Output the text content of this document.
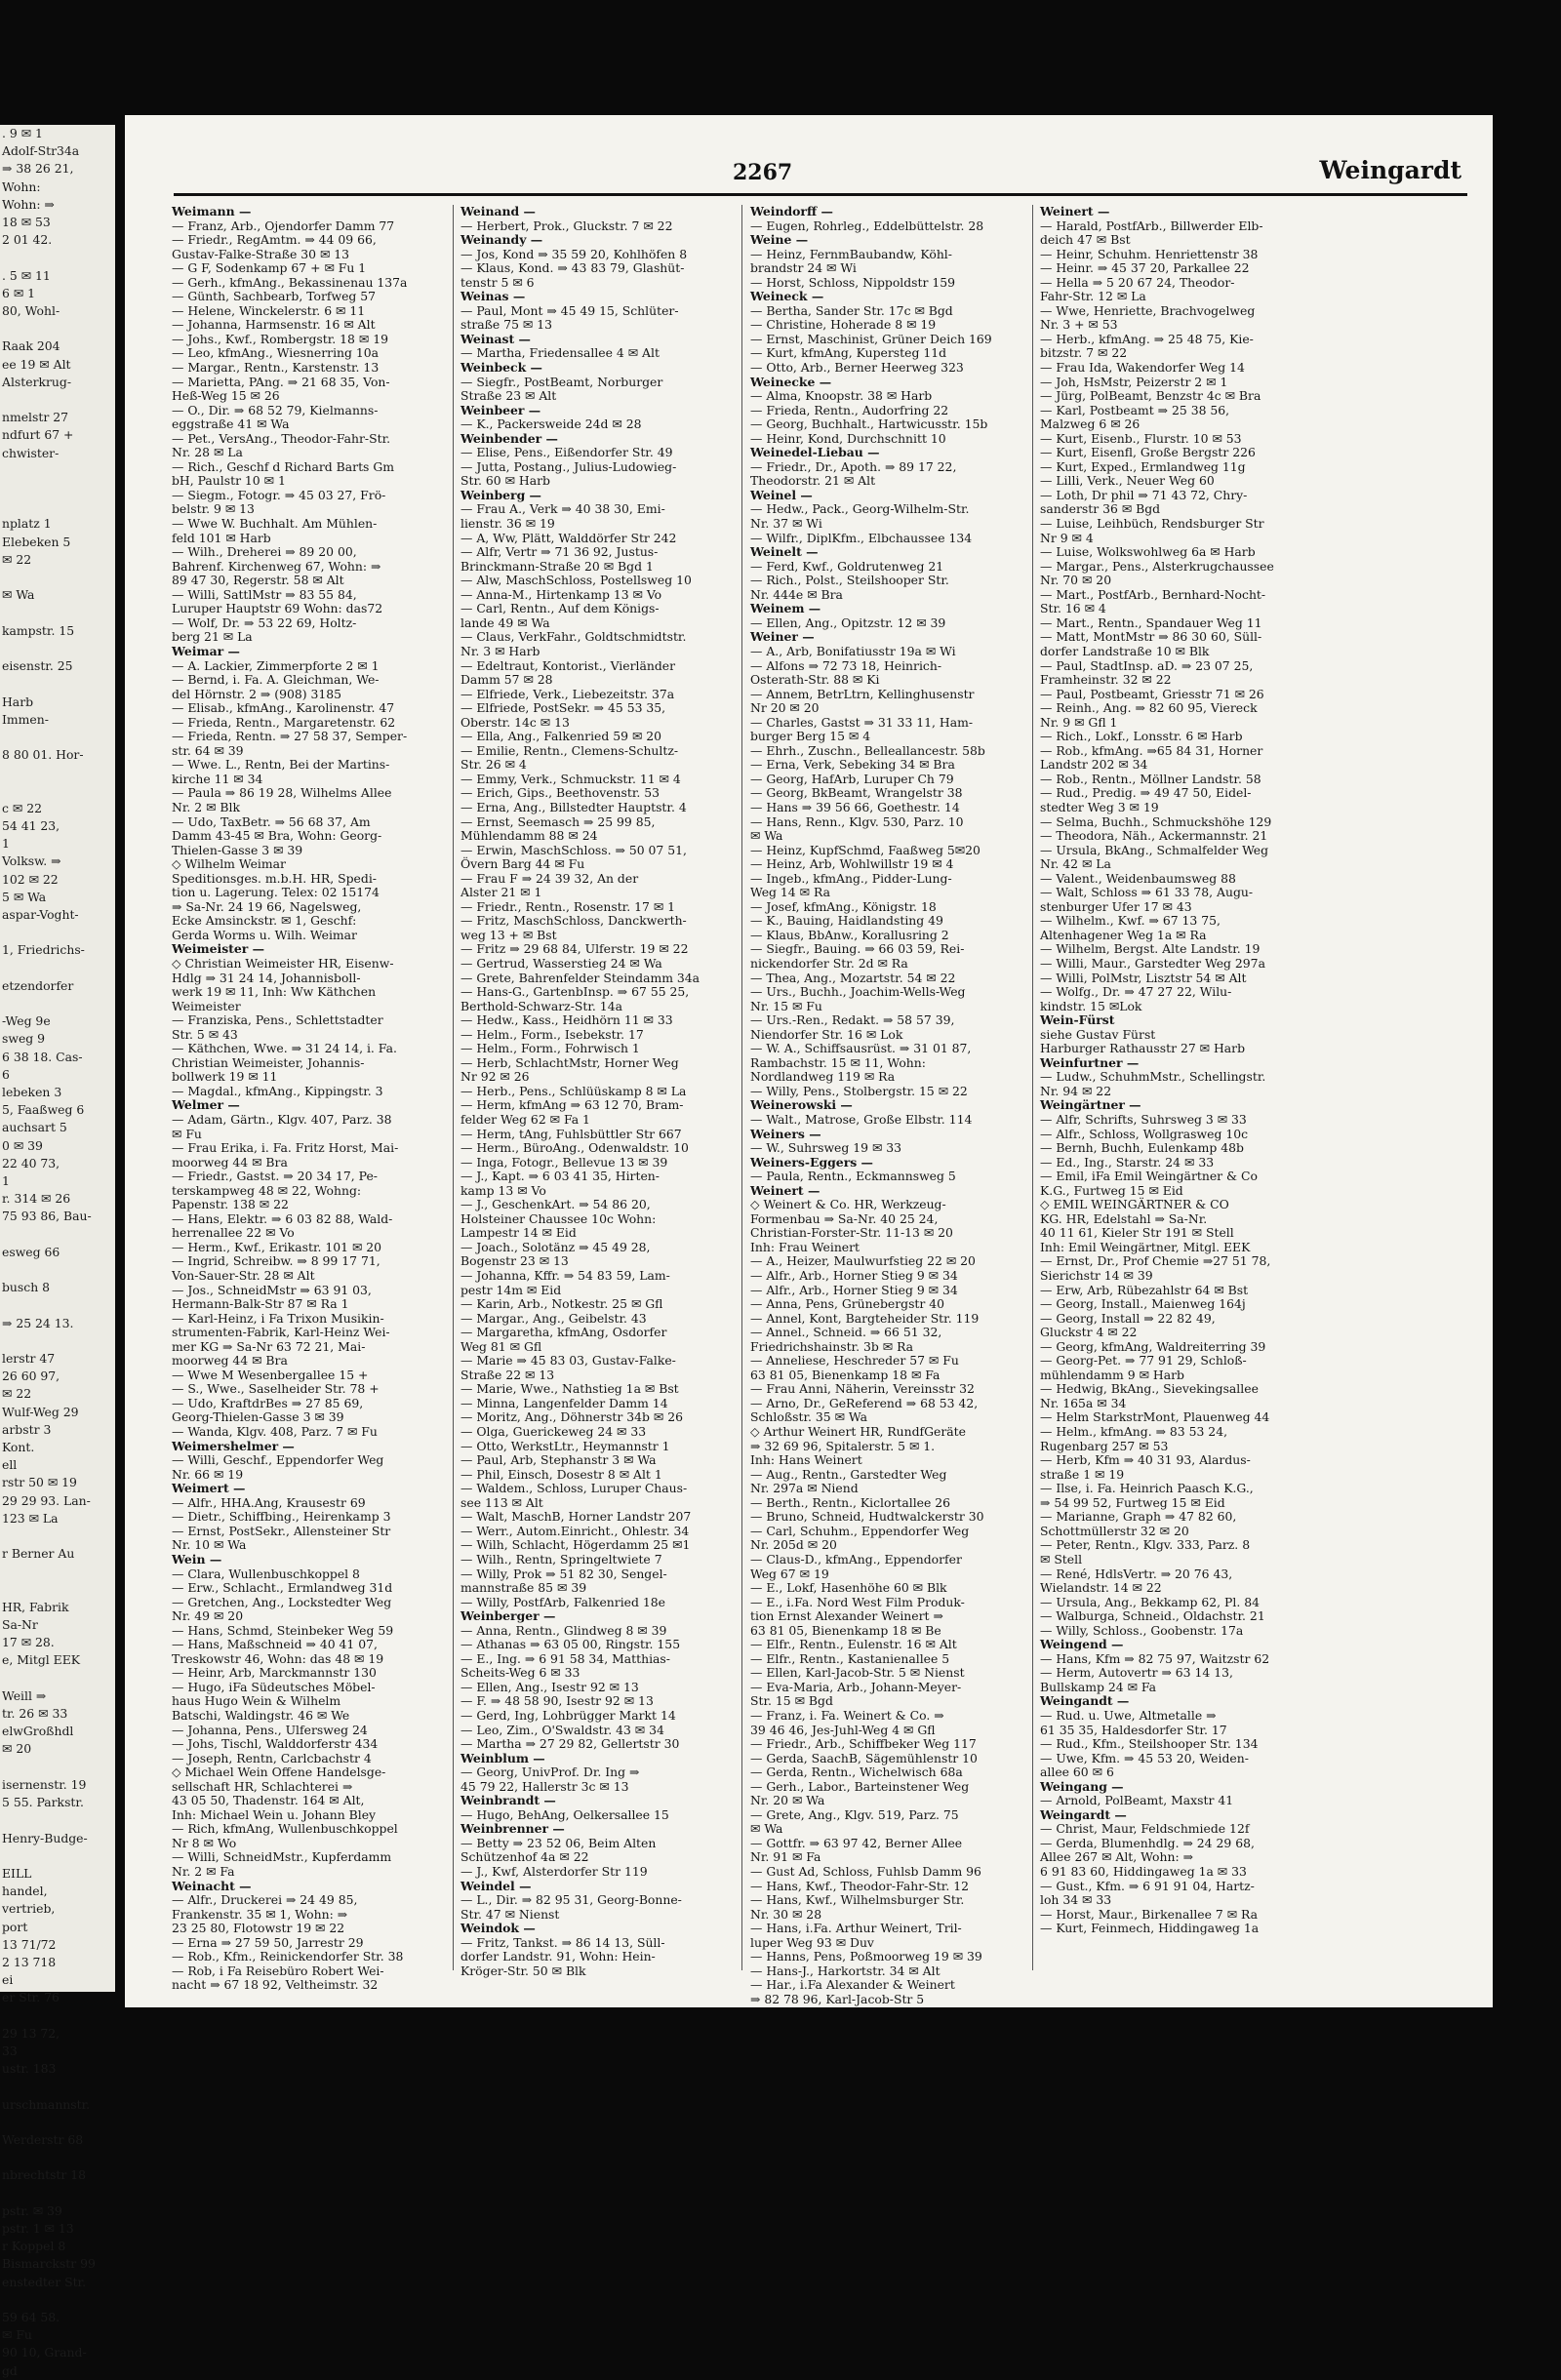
. 9 ✉ 1
Adolf-Str34a
⇒ 38 26 21,
Wohn:
Wohn: ⇒
18 ✉ 53
2 01 42.

. 5 ✉ 11
6 ✉ 1
80, Wohl-

Raak 204
ee 19 ✉ Alt
Alsterkrug-

nmelstr 27
ndfurt 67 +
chwister-

nplatz 1
Elebeken 5
✉ 22

✉ Wa

kampstr. 15

eisenstr. 25

Harb
Immen-

8 80 01. Hor-

c ✉ 22
54 41 23,
1
Volksw. ⇒
102 ✉ 22
5 ✉ Wa
aspar-Voght-

1, Friedrichs-

etzendorfer

-Weg 9e
sweg 9
6 38 18. Cas-
6
lebeken 3
5, Faaßweg 6
auchsart 5
0 ✉ 39
22 40 73,
1
r. 314 ✉ 26
75 93 86, Bau-

esweg 66

busch 8

⇒ 25 24 13.

lerstr 47
26 60 97,
✉ 22
Wulf-Weg 29
arbstr 3
Kont.
ell
rstr 50 ✉ 19
29 29 93. Lan-
123 ✉ La

r Berner Au

HR, Fabrik
Sa-Nr
17 ✉ 28.
e, Mitgl EEK

Weill ⇒
tr. 26 ✉ 33
elwGroßhdl
✉ 20

isernenstr. 19
5 55. Parkstr.

Henry-Budge-

EILL
handel,
vertrieb,
port
13 71/72
2 13 718
ei
er Str. 76

29 13 72,
33
ustr. 183

urschmannstr.

Werderstr 68

nbrechtstr 18

pstr. ✉ 39
pstr. 1 ✉ 13
r Koppel 8
Bismarckstr 99
enstedter Str.

59 64 58.
✉ Fu
90 10, Grand-
gd
2267	Weingardt
Weimann —
— Franz, Arb., Ojendorfer Damm 77
— Friedr., RegAmtm. ⇒ 44 09 66,
Gustav-Falke-Straße 30 ✉ 13
— G F, Sodenkamp 67 + ✉ Fu 1
— Gerh., kfmAng., Bekassinenau 137a
— Günth, Sachbearb, Torfweg 57
— Helene, Winckelerstr. 6 ✉ 11
— Johanna, Harmsenstr. 16 ✉ Alt
— Johs., Kwf., Rombergstr. 18 ✉ 19
— Leo, kfmAng., Wiesnerring 10a
— Margar., Rentn., Karstenstr. 13
— Marietta, PAng. ⇒ 21 68 35, Von-
Heß-Weg 15 ✉ 26
— O., Dir. ⇒ 68 52 79, Kielmanns-
eggstraße 41 ✉ Wa
— Pet., VersAng., Theodor-Fahr-Str.
Nr. 28 ✉ La
— Rich., Geschf d Richard Barts Gm
bH, Paulstr 10 ✉ 1
— Siegm., Fotogr. ⇒ 45 03 27, Frö-
belstr. 9 ✉ 13
— Wwe W. Buchhalt. Am Mühlen-
feld 101 ✉ Harb
— Wilh., Dreherei ⇒ 89 20 00,
Bahrenf. Kirchenweg 67, Wohn: ⇒
89 47 30, Regerstr. 58 ✉ Alt
— Willi, SattlMstr ⇒ 83 55 84,
Luruper Hauptstr 69 Wohn: das72
— Wolf, Dr. ⇒ 53 22 69, Holtz-
berg 21 ✉ La
Weimar —
— A. Lackier, Zimmerpforte 2 ✉ 1
— Bernd, i. Fa. A. Gleichman, We-
del Hörnstr. 2 ⇒ (908) 3185
— Elisab., kfmAng., Karolinenstr. 47
— Frieda, Rentn., Margaretenstr. 62
— Frieda, Rentn. ⇒ 27 58 37, Semper-
str. 64 ✉ 39
— Wwe. L., Rentn, Bei der Martins-
kirche 11 ✉ 34
— Paula ⇒ 86 19 28, Wilhelms Allee
Nr. 2 ✉ Blk
— Udo, TaxBetr. ⇒ 56 68 37, Am
Damm 43-45 ✉ Bra, Wohn: Georg-
Thielen-Gasse 3 ✉ 39
◇ Wilhelm Weimar
Speditionsges. m.b.H. HR, Spedi-
tion u. Lagerung. Telex: 02 15174
⇒ Sa-Nr. 24 19 66, Nagelsweg,
Ecke Amsinckstr. ✉ 1, Geschf:
Gerda Worms u. Wilh. Weimar
Weimeister —
◇ Christian Weimeister HR, Eisenw-
Hdlg ⇒ 31 24 14, Johannisboll-
werk 19 ✉ 11, Inh: Ww Käthchen
Weimeister
— Franziska, Pens., Schlettstadter
Str. 5 ✉ 43
— Käthchen, Wwe. ⇒ 31 24 14, i. Fa.
Christian Weimeister, Johannis-
bollwerk 19 ✉ 11
— Magdal., kfmAng., Kippingstr. 3
Welmer —
— Adam, Gärtn., Klgv. 407, Parz. 38
✉ Fu
— Frau Erika, i. Fa. Fritz Horst, Mai-
moorweg 44 ✉ Bra
— Friedr., Gastst. ⇒ 20 34 17, Pe-
terskampweg 48 ✉ 22, Wohng:
Papenstr. 138 ✉ 22
— Hans, Elektr. ⇒ 6 03 82 88, Wald-
herrenallee 22 ✉ Vo
— Herm., Kwf., Erikastr. 101 ✉ 20
— Ingrid, Schreibw. ⇒ 8 99 17 71,
Von-Sauer-Str. 28 ✉ Alt
— Jos., SchneidMstr ⇒ 63 91 03,
Hermann-Balk-Str 87 ✉ Ra 1
— Karl-Heinz, i Fa Trixon Musikin-
strumenten-Fabrik, Karl-Heinz Wei-
mer KG ⇒ Sa-Nr 63 72 21, Mai-
moorweg 44 ✉ Bra
— Wwe M Wesenbergallee 15 +
— S., Wwe., Saselheider Str. 78 +
— Udo, KraftdrBes ⇒ 27 85 69,
Georg-Thielen-Gasse 3 ✉ 39
— Wanda, Klgv. 408, Parz. 7 ✉ Fu
Weimershelmer —
— Willi, Geschf., Eppendorfer Weg
Nr. 66 ✉ 19
Weimert —
— Alfr., HHA.Ang, Krausestr 69
— Dietr., Schiffbing., Heirenkamp 3
— Ernst, PostSekr., Allensteiner Str
Nr. 10 ✉ Wa
Wein —
— Clara, Wullenbuschkoppel 8
— Erw., Schlacht., Ermlandweg 31d
— Gretchen, Ang., Lockstedter Weg
Nr. 49 ✉ 20
— Hans, Schmd, Steinbeker Weg 59
— Hans, Maßschneid ⇒ 40 41 07,
Treskowstr 46, Wohn: das 48 ✉ 19
— Heinr, Arb, Marckmannstr 130
— Hugo, iFa Südeutsches Möbel-
haus Hugo Wein & Wilhelm
Batschi, Waldingstr. 46 ✉ We
— Johanna, Pens., Ulfersweg 24
— Johs, Tischl, Walddorferstr 434
— Joseph, Rentn, Carlcbachstr 4
◇ Michael Wein Offene Handelsge-
sellschaft HR, Schlachterei ⇒
43 05 50, Thadenstr. 164 ✉ Alt,
Inh: Michael Wein u. Johann Bley
— Rich, kfmAng, Wullenbuschkoppel
Nr 8 ✉ Wo
— Willi, SchneidMstr., Kupferdamm
Nr. 2 ✉ Fa
Weinacht —
— Alfr., Druckerei ⇒ 24 49 85,
Frankenstr. 35 ✉ 1, Wohn: ⇒
23 25 80, Flotowstr 19 ✉ 22
— Erna ⇒ 27 59 50, Jarrestr 29
— Rob., Kfm., Reinickendorfer Str. 38
— Rob, i Fa Reisebüro Robert Wei-
nacht ⇒ 67 18 92, Veltheimstr. 32
Weinand —
— Herbert, Prok., Gluckstr. 7 ✉ 22
Weinandy —
— Jos, Kond ⇒ 35 59 20, Kohlhöfen 8
— Klaus, Kond. ⇒ 43 83 79, Glashüt-
tenstr 5 ✉ 6
Weinas —
— Paul, Mont ⇒ 45 49 15, Schlüter-
straße 75 ✉ 13
Weinast —
— Martha, Friedensallee 4 ✉ Alt
Weinbeck —
— Siegfr., PostBeamt, Norburger
Straße 23 ✉ Alt
Weinbeer —
— K., Packersweide 24d ✉ 28
Weinbender —
— Elise, Pens., Eißendorfer Str. 49
— Jutta, Postang., Julius-Ludowieg-
Str. 60 ✉ Harb
Weinberg —
— Frau A., Verk ⇒ 40 38 30, Emi-
lienstr. 36 ✉ 19
— A, Ww, Plätt, Walddörfer Str 242
— Alfr, Vertr ⇒ 71 36 92, Justus-
Brinckmann-Straße 20 ✉ Bgd 1
— Alw, MaschSchloss, Postellsweg 10
— Anna-M., Hirtenkamp 13 ✉ Vo
— Carl, Rentn., Auf dem Königs-
lande 49 ✉ Wa
— Claus, VerkFahr., Goldtschmidtstr.
Nr. 3 ✉ Harb
— Edeltraut, Kontorist., Vierländer
Damm 57 ✉ 28
— Elfriede, Verk., Liebezeitstr. 37a
— Elfriede, PostSekr. ⇒ 45 53 35,
Oberstr. 14c ✉ 13
— Ella, Ang., Falkenried 59 ✉ 20
— Emilie, Rentn., Clemens-Schultz-
Str. 26 ✉ 4
— Emmy, Verk., Schmuckstr. 11 ✉ 4
— Erich, Gips., Beethovenstr. 53
— Erna, Ang., Billstedter Hauptstr. 4
— Ernst, Seemasch ⇒ 25 99 85,
Mühlendamm 88 ✉ 24
— Erwin, MaschSchloss. ⇒ 50 07 51,
Övern Barg 44 ✉ Fu
— Frau F ⇒ 24 39 32, An der
Alster 21 ✉ 1
— Friedr., Rentn., Rosenstr. 17 ✉ 1
— Fritz, MaschSchloss, Danckwerth-
weg 13 + ✉ Bst
— Fritz ⇒ 29 68 84, Ulferstr. 19 ✉ 22
— Gertrud, Wasserstieg 24 ✉ Wa
— Grete, Bahrenfelder Steindamm 34a
— Hans-G., GartenbInsp. ⇒ 67 55 25,
Berthold-Schwarz-Str. 14a
— Hedw., Kass., Heidhörn 11 ✉ 33
— Helm., Form., Isebekstr. 17
— Helm., Form., Fohrwisch 1
— Herb, SchlachtMstr, Horner Weg
Nr 92 ✉ 26
— Herb., Pens., Schlüüskamp 8 ✉ La
— Herm, kfmAng ⇒ 63 12 70, Bram-
felder Weg 62 ✉ Fa 1
— Herm, tAng, Fuhlsbüttler Str 667
— Herm., BüroAng., Odenwaldstr. 10
— Inga, Fotogr., Bellevue 13 ✉ 39
— J., Kapt. ⇒ 6 03 41 35, Hirten-
kamp 13 ✉ Vo
— J., GeschenkArt. ⇒ 54 86 20,
Holsteiner Chaussee 10c Wohn:
Lampestr 14 ✉ Eid
— Joach., Solotänz ⇒ 45 49 28,
Bogenstr 23 ✉ 13
— Johanna, Kffr. ⇒ 54 83 59, Lam-
pestr 14m ✉ Eid
— Karin, Arb., Notkestr. 25 ✉ Gfl
— Margar., Ang., Geibelstr. 43
— Margaretha, kfmAng, Osdorfer
Weg 81 ✉ Gfl
— Marie ⇒ 45 83 03, Gustav-Falke-
Straße 22 ✉ 13
— Marie, Wwe., Nathstieg 1a ✉ Bst
— Minna, Langenfelder Damm 14
— Moritz, Ang., Döhnerstr 34b ✉ 26
— Olga, Guerickeweg 24 ✉ 33
— Otto, WerkstLtr., Heymannstr 1
— Paul, Arb, Stephanstr 3 ✉ Wa
— Phil, Einsch, Dosestr 8 ✉ Alt 1
— Waldem., Schloss, Luruper Chaus-
see 113 ✉ Alt
— Walt, MaschB, Horner Landstr 207
— Werr., Autom.Einricht., Ohlestr. 34
— Wilh, Schlacht, Högerdamm 25 ✉1
— Wilh., Rentn, Springeltwiete 7
— Willy, Prok ⇒ 51 82 30, Sengel-
mannstraße 85 ✉ 39
— Willy, PostfArb, Falkenried 18e
Weinberger —
— Anna, Rentn., Glindweg 8 ✉ 39
— Athanas ⇒ 63 05 00, Ringstr. 155
— E., Ing. ⇒ 6 91 58 34, Matthias-
Scheits-Weg 6 ✉ 33
— Ellen, Ang., Isestr 92 ✉ 13
— F. ⇒ 48 58 90, Isestr 92 ✉ 13
— Gerd, Ing, Lohbrügger Markt 14
— Leo, Zim., O'Swaldstr. 43 ✉ 34
— Martha ⇒ 27 29 82, Gellertstr 30
Weinblum —
— Georg, UnivProf. Dr. Ing ⇒
45 79 22, Hallerstr 3c ✉ 13
Weinbrandt —
— Hugo, BehAng, Oelkersallee 15
Weinbrenner —
— Betty ⇒ 23 52 06, Beim Alten
Schützenhof 4a ✉ 22
— J., Kwf, Alsterdorfer Str 119
Weindel —
— L., Dir. ⇒ 82 95 31, Georg-Bonne-
Str. 47 ✉ Nienst
Weindok —
— Fritz, Tankst. ⇒ 86 14 13, Süll-
dorfer Landstr. 91, Wohn: Hein-
Kröger-Str. 50 ✉ Blk
Weindorff —
— Eugen, Rohrleg., Eddelbüttelstr. 28
Weine —
— Heinz, FernmBaubandw, Köhl-
brandstr 24 ✉ Wi
— Horst, Schloss, Nippoldstr 159
Weineck —
— Bertha, Sander Str. 17c ✉ Bgd
— Christine, Hoherade 8 ✉ 19
— Ernst, Maschinist, Grüner Deich 169
— Kurt, kfmAng, Kupersteg 11d
— Otto, Arb., Berner Heerweg 323
Weinecke —
— Alma, Knoopstr. 38 ✉ Harb
— Frieda, Rentn., Audorfring 22
— Georg, Buchhalt., Hartwicusstr. 15b
— Heinr, Kond, Durchschnitt 10
Weinedel-Liebau —
— Friedr., Dr., Apoth. ⇒ 89 17 22,
Theodorstr. 21 ✉ Alt
Weinel —
— Hedw., Pack., Georg-Wilhelm-Str.
Nr. 37 ✉ Wi
— Wilfr., DiplKfm., Elbchaussee 134
Weinelt —
— Ferd, Kwf., Goldrutenweg 21
— Rich., Polst., Steilshooper Str.
Nr. 444e ✉ Bra
Weinem —
— Ellen, Ang., Opitzstr. 12 ✉ 39
Weiner —
— A., Arb, Bonifatiusstr 19a ✉ Wi
— Alfons ⇒ 72 73 18, Heinrich-
Osterath-Str. 88 ✉ Ki
— Annem, BetrLtrn, Kellinghusenstr
Nr 20 ✉ 20
— Charles, Gastst ⇒ 31 33 11, Ham-
burger Berg 15 ✉ 4
— Ehrh., Zuschn., Belleallancestr. 58b
— Erna, Verk, Sebeking 34 ✉ Bra
— Georg, HafArb, Luruper Ch 79
— Georg, BkBeamt, Wrangelstr 38
— Hans ⇒ 39 56 66, Goethestr. 14
— Hans, Renn., Klgv. 530, Parz. 10
✉ Wa
— Heinz, KupfSchmd, Faaßweg 5✉20
— Heinz, Arb, Wohlwillstr 19 ✉ 4
— Ingeb., kfmAng., Pidder-Lung-
Weg 14 ✉ Ra
— Josef, kfmAng., Königstr. 18
— K., Bauing, Haidlandsting 49
— Klaus, BbAnw., Korallusring 2
— Siegfr., Bauing. ⇒ 66 03 59, Rei-
nickendorfer Str. 2d ✉ Ra
— Thea, Ang., Mozartstr. 54 ✉ 22
— Urs., Buchh., Joachim-Wells-Weg
Nr. 15 ✉ Fu
— Urs.-Ren., Redakt. ⇒ 58 57 39,
Niendorfer Str. 16 ✉ Lok
— W. A., Schiffsausrüst. ⇒ 31 01 87,
Rambachstr. 15 ✉ 11, Wohn:
Nordlandweg 119 ✉ Ra
— Willy, Pens., Stolbergstr. 15 ✉ 22
Weinerowski —
— Walt., Matrose, Große Elbstr. 114
Weiners —
— W., Suhrsweg 19 ✉ 33
Weiners-Eggers —
— Paula, Rentn., Eckmannsweg 5
Weinert —
◇ Weinert & Co. HR, Werkzeug-
Formenbau ⇒ Sa-Nr. 40 25 24,
Christian-Forster-Str. 11-13 ✉ 20
Inh: Frau Weinert
— A., Heizer, Maulwurfstieg 22 ✉ 20
— Alfr., Arb., Horner Stieg 9 ✉ 34
— Alfr., Arb., Horner Stieg 9 ✉ 34
— Anna, Pens, Grünebergstr 40
— Annel, Kont, Bargteheider Str. 119
— Annel., Schneid. ⇒ 66 51 32,
Friedrichshainstr. 3b ✉ Ra
— Anneliese, Heschreder 57 ✉ Fu
63 81 05, Bienenkamp 18 ✉ Fa
— Frau Anni, Näherin, Vereinsstr 32
— Arno, Dr., GeReferend ⇒ 68 53 42,
Schloßstr. 35 ✉ Wa
◇ Arthur Weinert HR, RundfGeräte
⇒ 32 69 96, Spitalerstr. 5 ✉ 1.
Inh: Hans Weinert
— Aug., Rentn., Garstedter Weg
Nr. 297a ✉ Niend
— Berth., Rentn., Kiclortallee 26
— Bruno, Schneid, Hudtwalckerstr 30
— Carl, Schuhm., Eppendorfer Weg
Nr. 205d ✉ 20
— Claus-D., kfmAng., Eppendorfer
Weg 67 ✉ 19
— E., Lokf, Hasenhöhe 60 ✉ Blk
— E., i.Fa. Nord West Film Produk-
tion Ernst Alexander Weinert ⇒
63 81 05, Bienenkamp 18 ✉ Be
— Elfr., Rentn., Eulenstr. 16 ✉ Alt
— Elfr., Rentn., Kastanienallee 5
— Ellen, Karl-Jacob-Str. 5 ✉ Nienst
— Eva-Maria, Arb., Johann-Meyer-
Str. 15 ✉ Bgd
— Franz, i. Fa. Weinert & Co. ⇒
39 46 46, Jes-Juhl-Weg 4 ✉ Gfl
— Friedr., Arb., Schiffbeker Weg 117
— Gerda, SaachB, Sägemühlenstr 10
— Gerda, Rentn., Wichelwisch 68a
— Gerh., Labor., Barteinstener Weg
Nr. 20 ✉ Wa
— Grete, Ang., Klgv. 519, Parz. 75
✉ Wa
— Gottfr. ⇒ 63 97 42, Berner Allee
Nr. 91 ✉ Fa
— Gust Ad, Schloss, Fuhlsb Damm 96
— Hans, Kwf., Theodor-Fahr-Str. 12
— Hans, Kwf., Wilhelmsburger Str.
Nr. 30 ✉ 28
— Hans, i.Fa. Arthur Weinert, Tril-
luper Weg 93 ✉ Duv
— Hanns, Pens, Poßmoorweg 19 ✉ 39
— Hans-J., Harkortstr. 34 ✉ Alt
— Har., i.Fa Alexander & Weinert
⇒ 82 78 96, Karl-Jacob-Str 5
Weinert —
— Harald, PostfArb., Billwerder Elb-
deich 47 ✉ Bst
— Heinr, Schuhm. Henriettenstr 38
— Heinr. ⇒ 45 37 20, Parkallee 22
— Hella ⇒ 5 20 67 24, Theodor-
Fahr-Str. 12 ✉ La
— Wwe, Henriette, Brachvogelweg
Nr. 3 + ✉ 53
— Herb., kfmAng. ⇒ 25 48 75, Kie-
bitzstr. 7 ✉ 22
— Frau Ida, Wakendorfer Weg 14
— Joh, HsMstr, Peizerstr 2 ✉ 1
— Jürg, PolBeamt, Benzstr 4c ✉ Bra
— Karl, Postbeamt ⇒ 25 38 56,
Malzweg 6 ✉ 26
— Kurt, Eisenb., Flurstr. 10 ✉ 53
— Kurt, Eisenfl, Große Bergstr 226
— Kurt, Exped., Ermlandweg 11g
— Lilli, Verk., Neuer Weg 60
— Loth, Dr phil ⇒ 71 43 72, Chry-
sanderstr 36 ✉ Bgd
— Luise, Leihbüch, Rendsburger Str
Nr 9 ✉ 4
— Luise, Wolkswohlweg 6a ✉ Harb
— Margar., Pens., Alsterkrugchaussee
Nr. 70 ✉ 20
— Mart., PostfArb., Bernhard-Nocht-
Str. 16 ✉ 4
— Mart., Rentn., Spandauer Weg 11
— Matt, MontMstr ⇒ 86 30 60, Süll-
dorfer Landstraße 10 ✉ Blk
— Paul, StadtInsp. aD. ⇒ 23 07 25,
Framheinstr. 32 ✉ 22
— Paul, Postbeamt, Griesstr 71 ✉ 26
— Reinh., Ang. ⇒ 82 60 95, Viereck
Nr. 9 ✉ Gfl 1
— Rich., Lokf., Lonsstr. 6 ✉ Harb
— Rob., kfmAng. ⇒65 84 31, Horner
Landstr 202 ✉ 34
— Rob., Rentn., Möllner Landstr. 58
— Rud., Predig. ⇒ 49 47 50, Eidel-
stedter Weg 3 ✉ 19
— Selma, Buchh., Schmuckshöhe 129
— Theodora, Näh., Ackermannstr. 21
— Ursula, BkAng., Schmalfelder Weg
Nr. 42 ✉ La
— Valent., Weidenbaumsweg 88
— Walt, Schloss ⇒ 61 33 78, Augu-
stenburger Ufer 17 ✉ 43
— Wilhelm., Kwf. ⇒ 67 13 75,
Altenhagener Weg 1a ✉ Ra
— Wilhelm, Bergst. Alte Landstr. 19
— Willi, Maur., Garstedter Weg 297a
— Willi, PolMstr, Lisztstr 54 ✉ Alt
— Wolfg., Dr. ⇒ 47 27 22, Wilu-
kindstr. 15 ✉Lok
Wein-Fürst
siehe Gustav Fürst
Harburger Rathausstr 27 ✉ Harb
Weinfurtner —
— Ludw., SchuhmMstr., Schellingstr.
Nr. 94 ✉ 22
Weingärtner —
— Alfr, Schrifts, Suhrsweg 3 ✉ 33
— Alfr., Schloss, Wollgrasweg 10c
— Bernh, Buchh, Eulenkamp 48b
— Ed., Ing., Starstr. 24 ✉ 33
— Emil, iFa Emil Weingärtner & Co
K.G., Furtweg 15 ✉ Eid
◇ EMIL WEINGÄRTNER & CO
KG. HR, Edelstahl ⇒ Sa-Nr.
40 11 61, Kieler Str 191 ✉ Stell
Inh: Emil Weingärtner, Mitgl. EEK
— Ernst, Dr., Prof Chemie ⇒27 51 78,
Sierichstr 14 ✉ 39
— Erw, Arb, Rübezahlstr 64 ✉ Bst
— Georg, Install., Maienweg 164j
— Georg, Install ⇒ 22 82 49,
Gluckstr 4 ✉ 22
— Georg, kfmAng, Waldreiterring 39
— Georg-Pet. ⇒ 77 91 29, Schloß-
mühlendamm 9 ✉ Harb
— Hedwig, BkAng., Sievekingsallee
Nr. 165a ✉ 34
— Helm StarkstrMont, Plauenweg 44
— Helm., kfmAng. ⇒ 83 53 24,
Rugenbarg 257 ✉ 53
— Herb, Kfm ⇒ 40 31 93, Alardus-
straße 1 ✉ 19
— Ilse, i. Fa. Heinrich Paasch K.G.,
⇒ 54 99 52, Furtweg 15 ✉ Eid
— Marianne, Graph ⇒ 47 82 60,
Schottmüllerstr 32 ✉ 20
— Peter, Rentn., Klgv. 333, Parz. 8
✉ Stell
— René, HdlsVertr. ⇒ 20 76 43,
Wielandstr. 14 ✉ 22
— Ursula, Ang., Bekkamp 62, Pl. 84
— Walburga, Schneid., Oldachstr. 21
— Willy, Schloss., Goobenstr. 17a
Weingend —
— Hans, Kfm ⇒ 82 75 97, Waitzstr 62
— Herm, Autovertr ⇒ 63 14 13,
Bullskamp 24 ✉ Fa
Weingandt —
— Rud. u. Uwe, Altmetalle ⇒
61 35 35, Haldesdorfer Str. 17
— Rud., Kfm., Steilshooper Str. 134
— Uwe, Kfm. ⇒ 45 53 20, Weiden-
allee 60 ✉ 6
Weingang —
— Arnold, PolBeamt, Maxstr 41
Weingardt —
— Christ, Maur, Feldschmiede 12f
— Gerda, Blumenhdlg. ⇒ 24 29 68,
Allee 267 ✉ Alt, Wohn: ⇒
6 91 83 60, Hiddingaweg 1a ✉ 33
— Gust., Kfm. ⇒ 6 91 91 04, Hartz-
loh 34 ✉ 33
— Horst, Maur., Birkenallee 7 ✉ Ra
— Kurt, Feinmech, Hiddingaweg 1a
